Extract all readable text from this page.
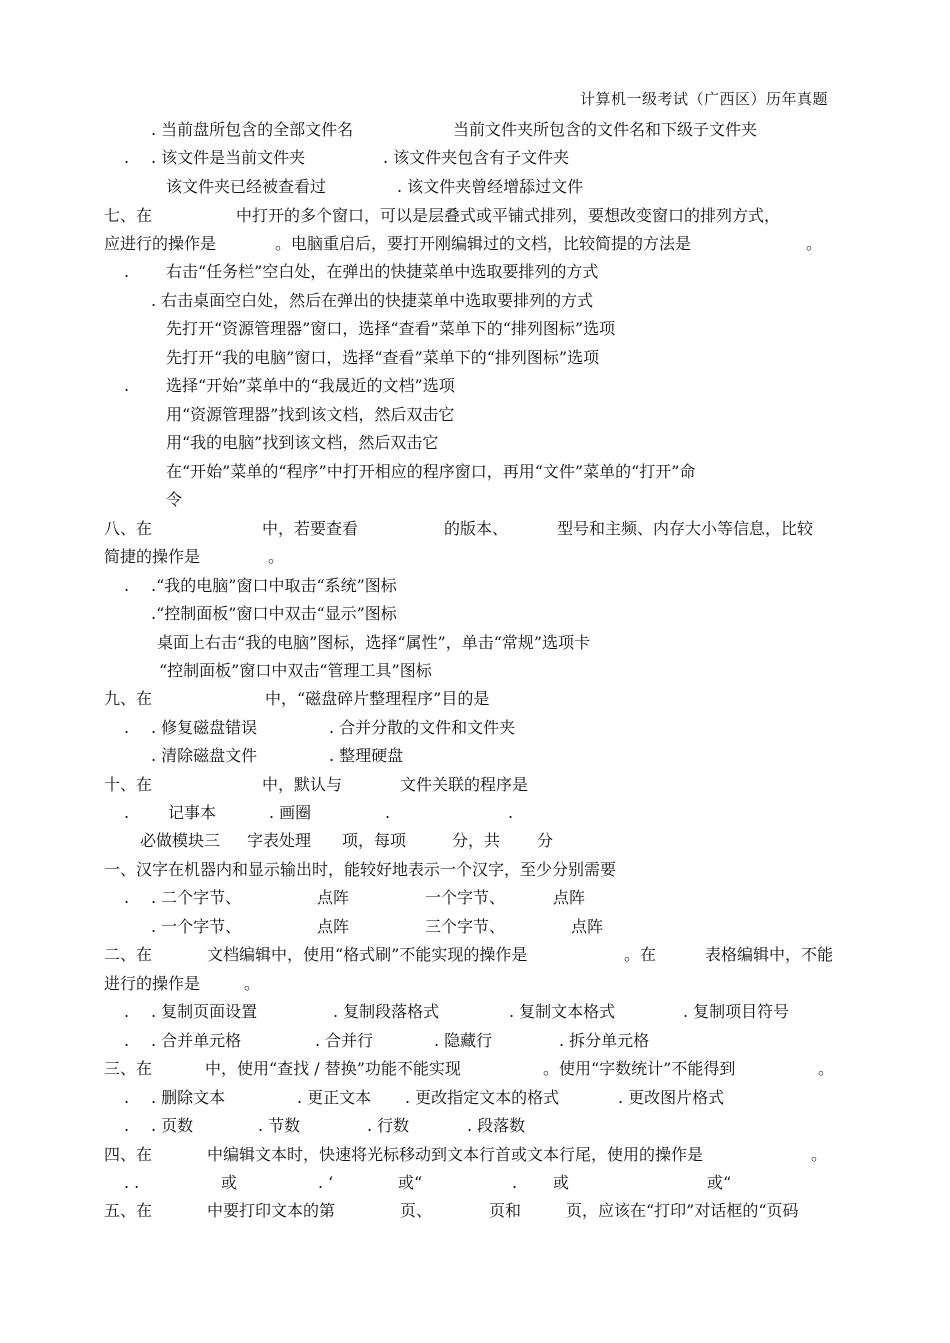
计算机一级考试（广西区）历年真题
. 当前盘所包含的全部文件名	当前文件夹所包含的文件名和下级子文件夹
. . 该文件是当前文件夹	. 该文件夹包含有子文件夹
该文件夹已经被查看过	. 该文件夹曾经增舔过文件
七、在	中打开的多个窗口，可以是层叠式或平铺式排列，要想改变窗口的排列方式，
应进行的操作是	。电脑重启后，要打开刚编辑过的文档，比较简提的方法是	。
. 右击“任务栏”空白处，在弹出的快捷菜单中选取要排列的方式
. 右击桌面空白处，然后在弹出的快捷菜单中选取要排列的方式
先打开“资源管理器”窗口，选择“查看”菜单下的“排列图标”选项
先打开“我的电脑”窗口，选择“查看”菜单下的“排列图标”选项
. 选择“开始”菜单中的“我晟近的文档”选项
用“资源管理器”找到该文档，然后双击它
用“我的电脑”找到该文档，然后双击它
在“开始”菜单的“程序”中打开相应的程序窗口，再用“文件”菜单的“打开”命
令
八、在	中，若要查看	的版本、	型号和主频、内存大小等信息，比较
简捷的操作是	。
. .“我的电脑”窗口中取击“系统”图标
.“控制面板”窗口中双击“显示”图标
桌面上右击“我的电脑”图标，选择“属性”，单击“常规”选项卡
“控制面板”窗口中双击“管理工具”图标
九、在	中，“磁盘碎片整理程序”目的是
. . 修复磁盘错误	. 合并分散的文件和文件夹
. 清除磁盘文件	. 整理硬盘
十、在	中，默认与	文件关联的程序是
. 记事本	. 画圈	.	.
必做模块三 字表处理 项，每项	分，共 分
一、汉字在机器内和显示输出时，能较好地表示一个汉字，至少分别需要
. . 二个字节、	点阵	一个字节、	点阵
. 一个字节、	点阵	三个字节、	点阵
二、在	文档编辑中，使用“格式刷”不能实现的操作是	。在	表格编辑中，不能
进行的操作是	。
. . 复制页面设置	. 复制段落格式	. 复制文本格式	. 复制项目符号
. . 合并单元格	. 合并行	. 隐藏行	. 拆分单元格
三、在	中，使用“查找 / 替换”功能不能实现	。使用“字数统计”不能得到	。
. . 删除文本	. 更正文本 . 更改指定文本的格式	. 更改图片格式
. . 页数	. 节数	. 行数	. 段落数
四、在	中编辑文本时，快速将光标移动到文本行首或文本行尾，使用的操作是	。
. .	或	. ‘	或“	. 或	或“
五、在	中要打印文本的第	页、	页和	页，应该在“打印”对话框的“页码
